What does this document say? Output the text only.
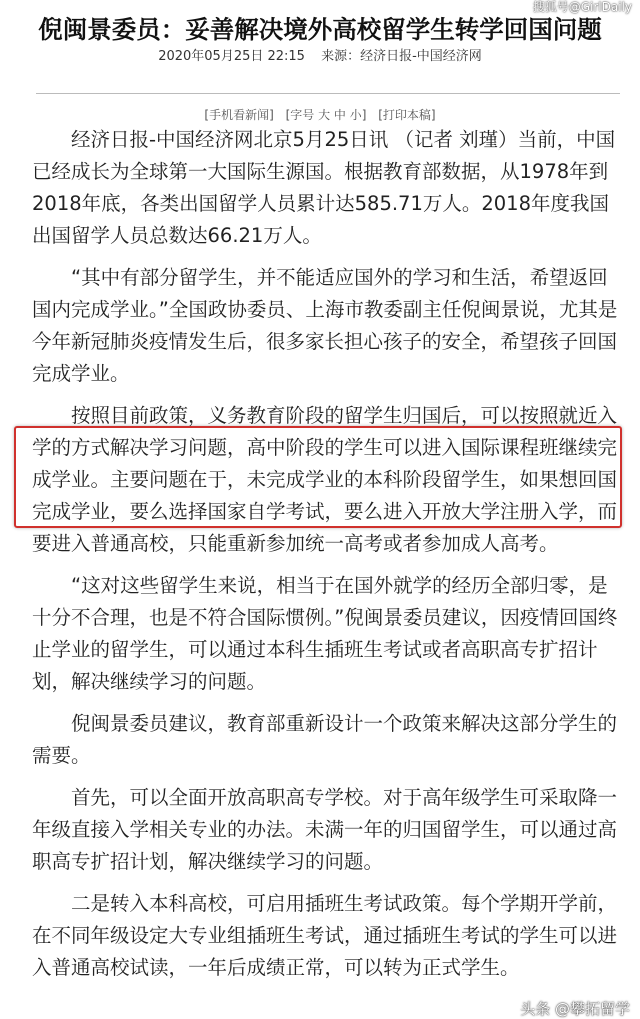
倪闽景委员：妥善解决境外高校留学生转学回国问题
搜狐号@GirlDaily
2020年05月25日 22:15 来源：经济日报-中国经济网
[手机看新闻] [字号 大 中 小] [打印本稿]

经济日报-中国经济网北京5月25日讯 （记者 刘瑾）当前，中国已经成长为全球第一大国际生源国。根据教育部数据，从1978年到2018年底，各类出国留学人员累计达585.71万人。2018年度我国出国留学人员总数达66.21万人。

“其中有部分留学生，并不能适应国外的学习和生活，希望返回国内完成学业。”全国政协委员、上海市教委副主任倪闽景说，尤其是今年新冠肺炎疫情发生后，很多家长担心孩子的安全，希望孩子回国完成学业。

按照目前政策，义务教育阶段的留学生归国后，可以按照就近入学的方式解决学习问题，高中阶段的学生可以进入国际课程班继续完成学业。主要问题在于，未完成学业的本科阶段留学生，如果想回国完成学业，要么选择国家自学考试，要么进入开放大学注册入学，而要进入普通高校，只能重新参加统一高考或者参加成人高考。

“这对这些留学生来说，相当于在国外就学的经历全部归零，是十分不合理，也是不符合国际惯例。”倪闽景委员建议，因疫情回国终止学业的留学生，可以通过本科生插班生考试或者高职高专扩招计划，解决继续学习的问题。

倪闽景委员建议，教育部重新设计一个政策来解决这部分学生的需要。

首先，可以全面开放高职高专学校。对于高年级学生可采取降一年级直接入学相关专业的办法。未满一年的归国留学生，可以通过高职高专扩招计划，解决继续学习的问题。

二是转入本科高校，可启用插班生考试政策。每个学期开学前，在不同年级设定大专业组插班生考试，通过插班生考试的学生可以进入普通高校试读，一年后成绩正常，可以转为正式学生。

头条 @攀拓留学
